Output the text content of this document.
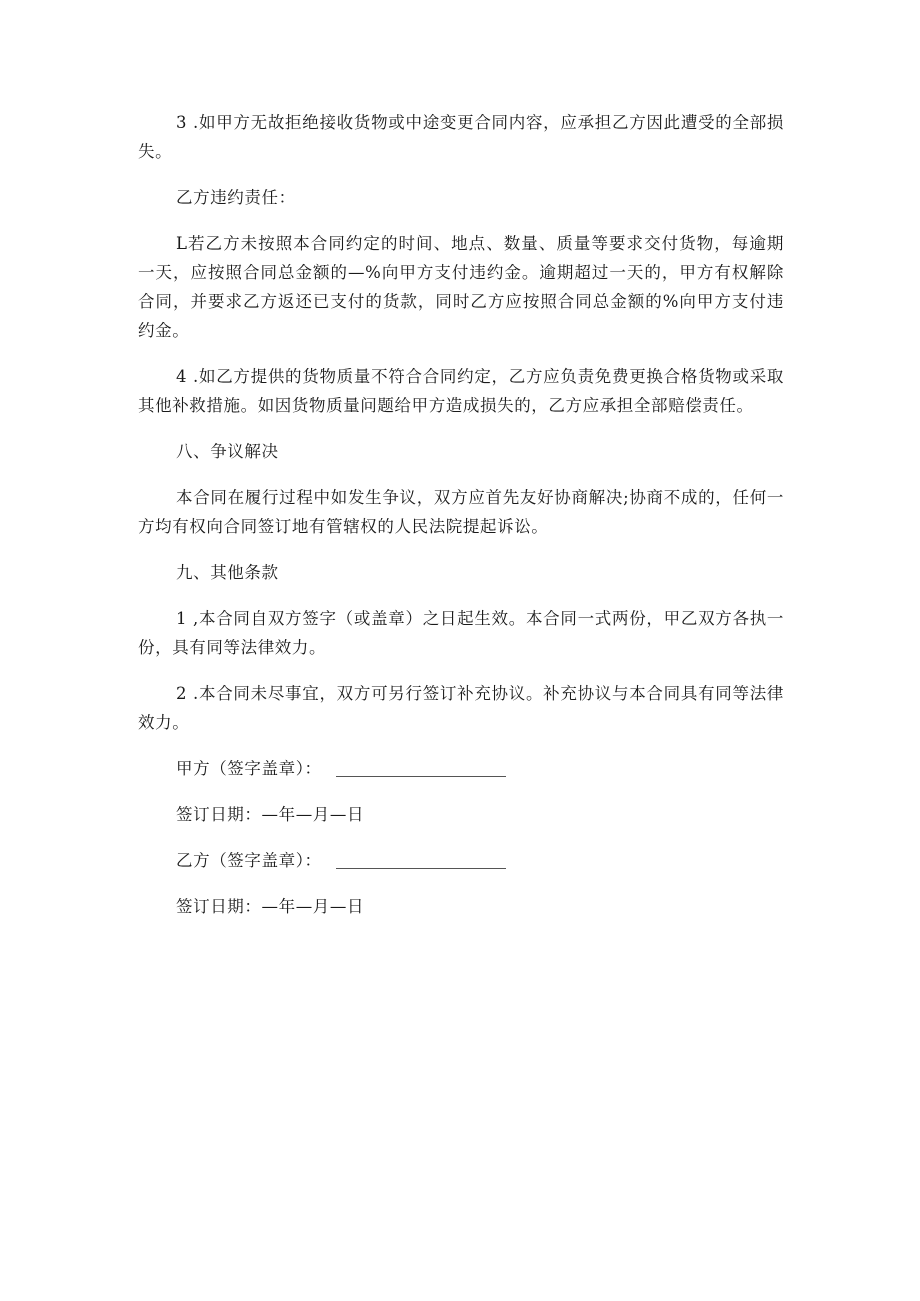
3 .如甲方无故拒绝接收货物或中途变更合同内容，应承担乙方因此遭受的全部损失。

乙方违约责任：

L若乙方未按照本合同约定的时间、地点、数量、质量等要求交付货物，每逾期一天，应按照合同总金额的—%向甲方支付违约金。逾期超过一天的，甲方有权解除合同，并要求乙方返还已支付的货款，同时乙方应按照合同总金额的%向甲方支付违约金。

4 .如乙方提供的货物质量不符合合同约定，乙方应负责免费更换合格货物或采取其他补救措施。如因货物质量问题给甲方造成损失的，乙方应承担全部赔偿责任。

八、争议解决

本合同在履行过程中如发生争议，双方应首先友好协商解决;协商不成的，任何一方均有权向合同签订地有管辖权的人民法院提起诉讼。

九、其他条款

1 ,本合同自双方签字（或盖章）之日起生效。本合同一式两份，甲乙双方各执一份，具有同等法律效力。

2 .本合同未尽事宜，双方可另行签订补充协议。补充协议与本合同具有同等法律效力。

甲方（签字盖章）：
签订日期：—年—月—日
乙方（签字盖章）：
签订日期：—年—月—日
